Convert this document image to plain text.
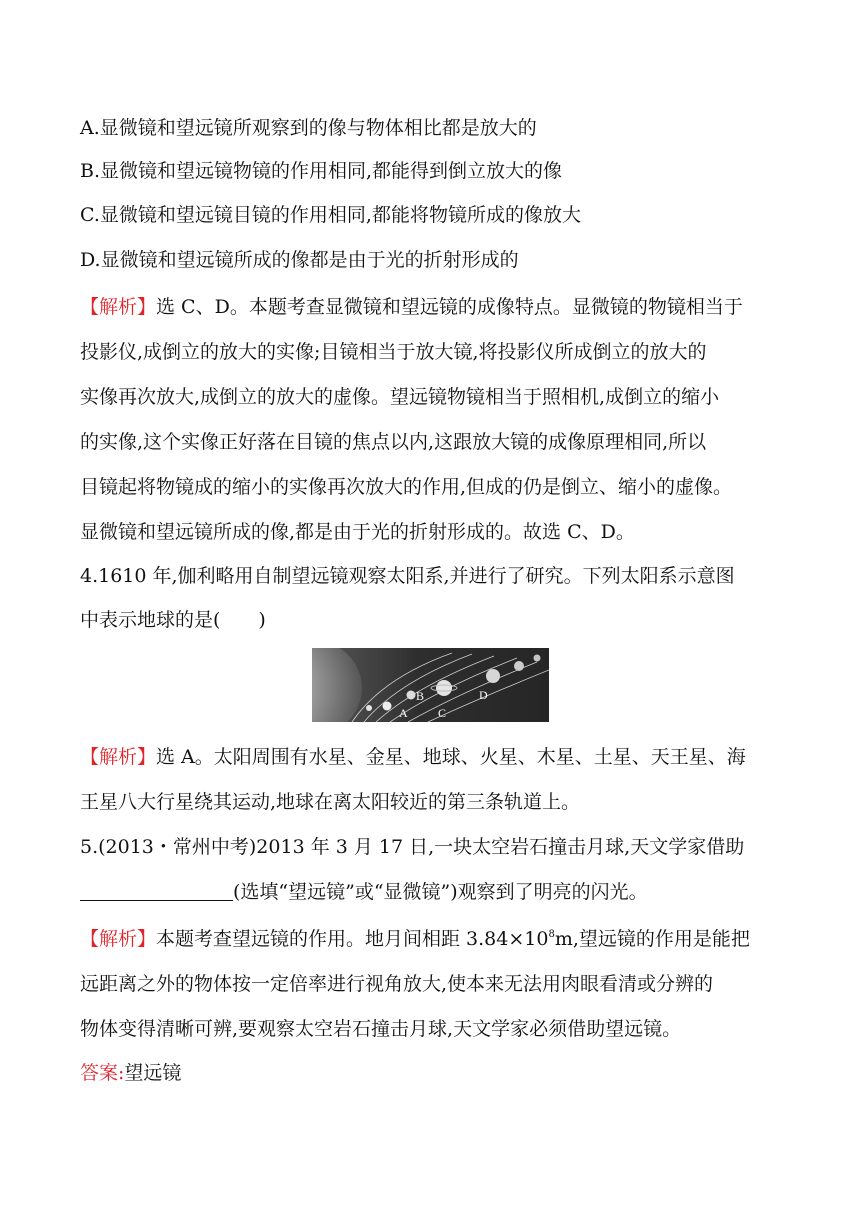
A.显微镜和望远镜所观察到的像与物体相比都是放大的
B.显微镜和望远镜物镜的作用相同,都能得到倒立放大的像
C.显微镜和望远镜目镜的作用相同,都能将物镜所成的像放大
D.显微镜和望远镜所成的像都是由于光的折射形成的
【解析】选 C、D。本题考查显微镜和望远镜的成像特点。显微镜的物镜相当于
投影仪,成倒立的放大的实像;目镜相当于放大镜,将投影仪所成倒立的放大的
实像再次放大,成倒立的放大的虚像。望远镜物镜相当于照相机,成倒立的缩小
的实像,这个实像正好落在目镜的焦点以内,这跟放大镜的成像原理相同,所以
目镜起将物镜成的缩小的实像再次放大的作用,但成的仍是倒立、缩小的虚像。
显微镜和望远镜所成的像,都是由于光的折射形成的。故选 C、D。
4.1610 年,伽利略用自制望远镜观察太阳系,并进行了研究。下列太阳系示意图
中表示地球的是(　　)
A
B
C
D
【解析】选 A。太阳周围有水星、金星、地球、火星、木星、土星、天王星、海
王星八大行星绕其运动,地球在离太阳较近的第三条轨道上。
5.(2013・常州中考)2013 年 3 月 17 日,一块太空岩石撞击月球,天文学家借助
(选填“望远镜”或“显微镜”)观察到了明亮的闪光。
【解析】本题考查望远镜的作用。地月间相距 $3.84\times 10^8m$,望远镜的作用是能把
远距离之外的物体按一定倍率进行视角放大,使本来无法用肉眼看清或分辨的
物体变得清晰可辨,要观察太空岩石撞击月球,天文学家必须借助望远镜。
答案:望远镜
